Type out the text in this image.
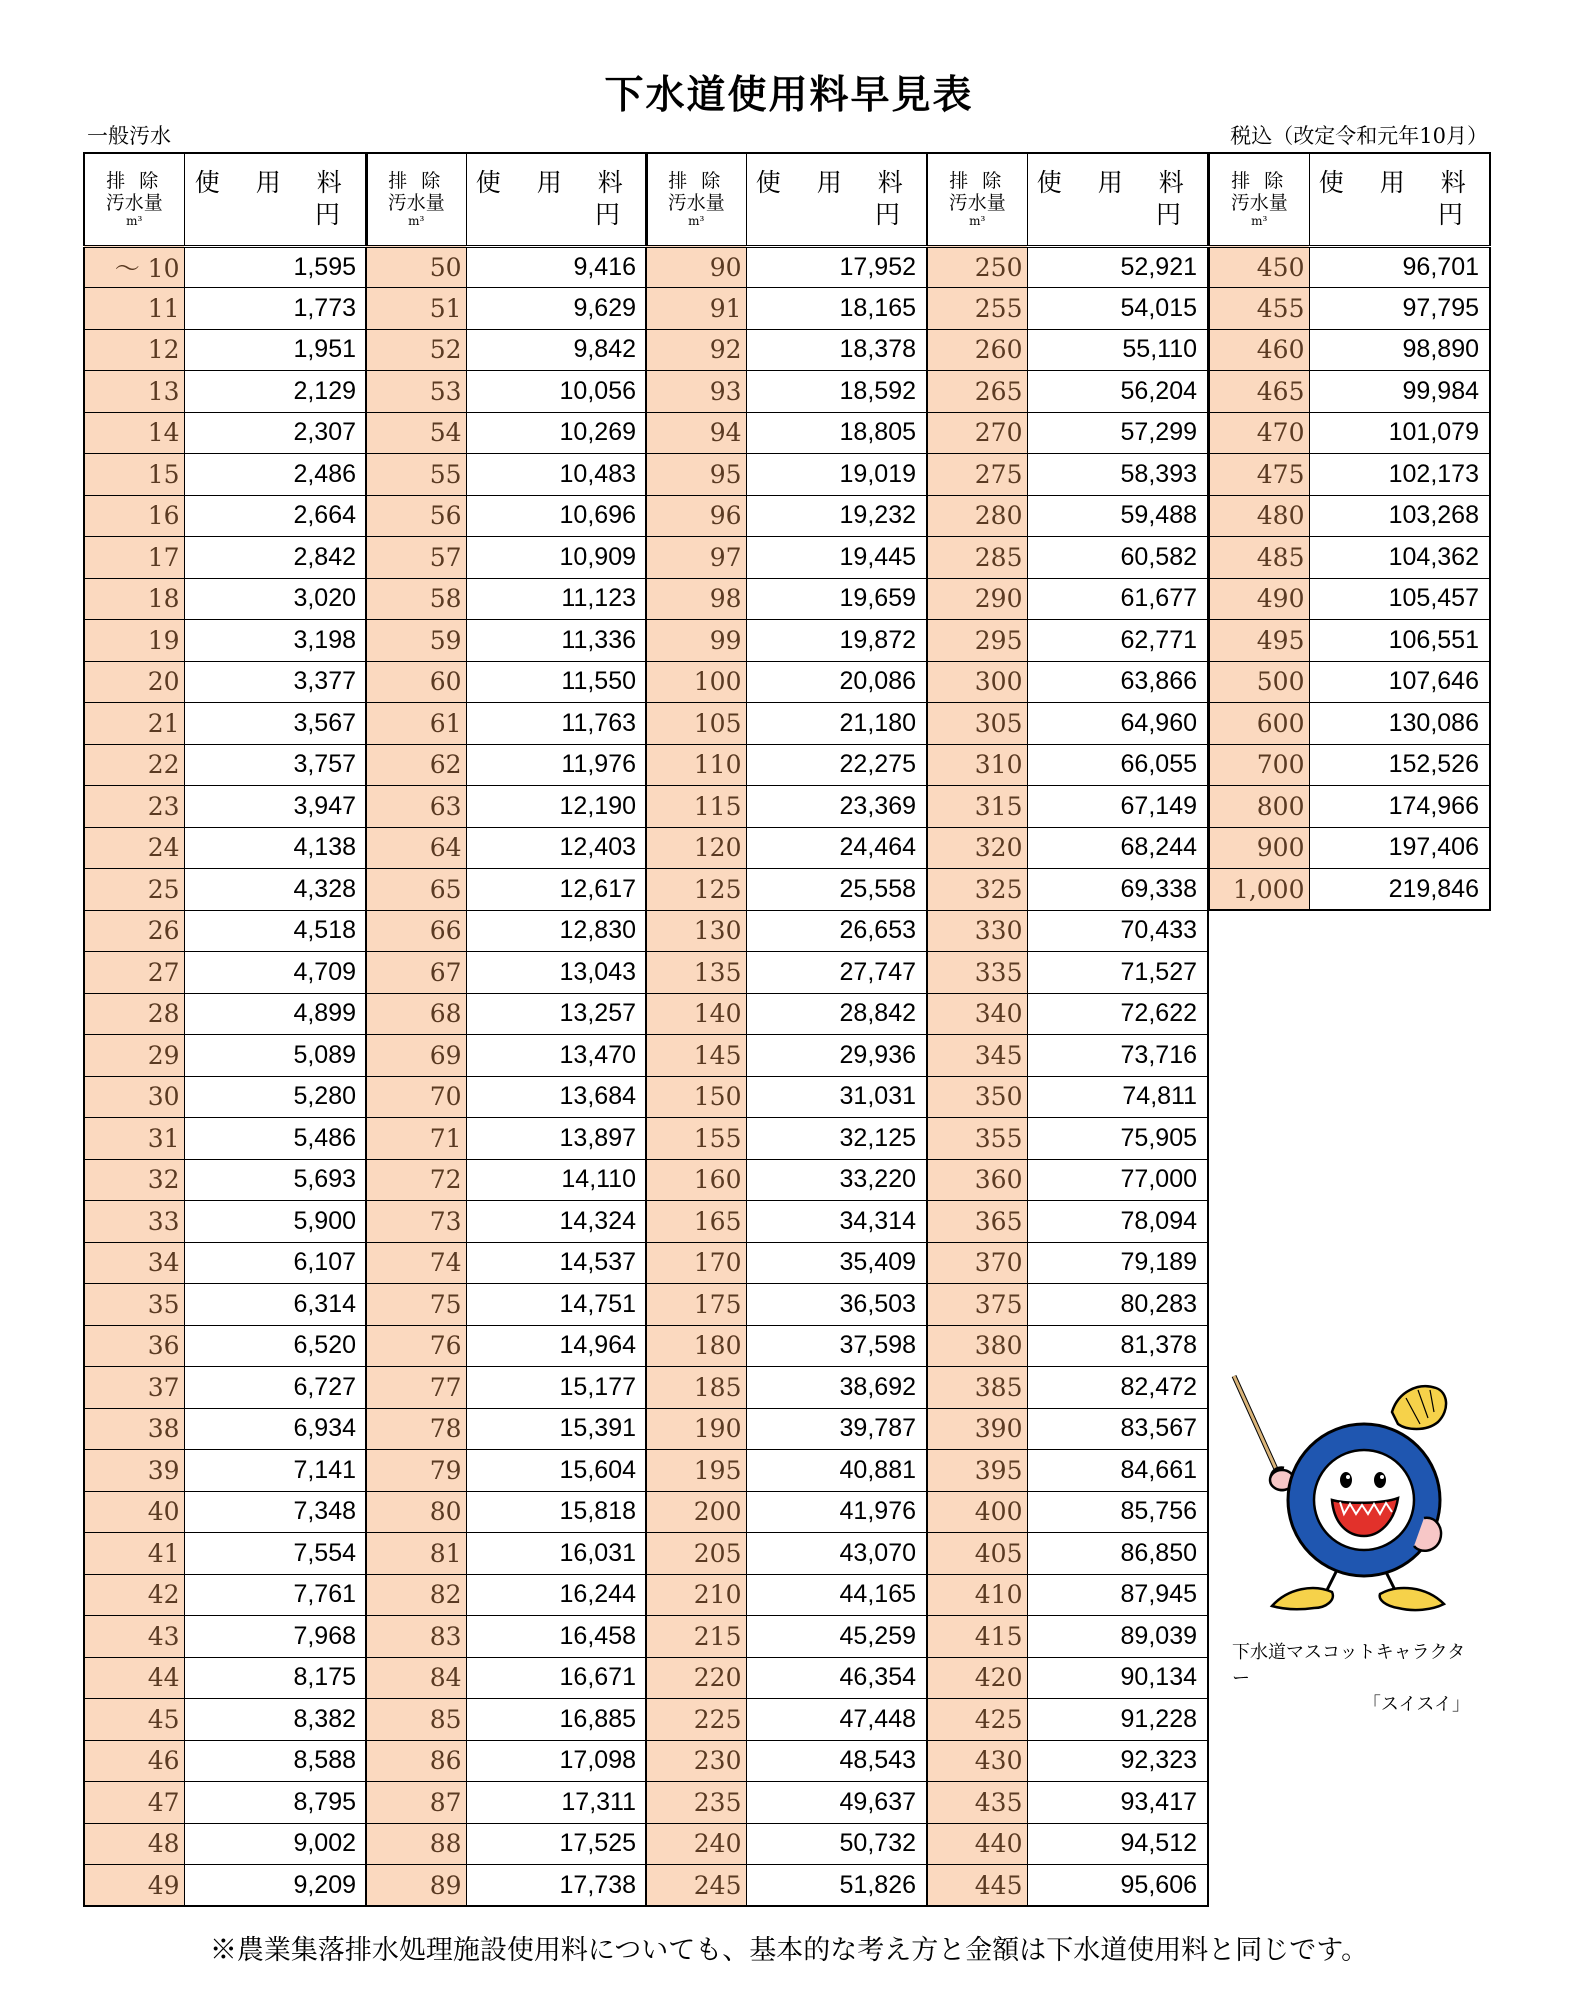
下水道使用料早見表
一般汚水	税込（改定令和元年10月）
排 除
汚水量
m³	使 用 料
円

～ 10	1,595
11	1,773
12	1,951
13	2,129
14	2,307
15	2,486
16	2,664
17	2,842
18	3,020
19	3,198
20	3,377
21	3,567
22	3,757
23	3,947
24	4,138
25	4,328
26	4,518
27	4,709
28	4,899
29	5,089
30	5,280
31	5,486
32	5,693
33	5,900
34	6,107
35	6,314
36	6,520
37	6,727
38	6,934
39	7,141
40	7,348
41	7,554
42	7,761
43	7,968
44	8,175
45	8,382
46	8,588
47	8,795
48	9,002
49	9,209
排 除
汚水量
m³	使 用 料
円

50	9,416
51	9,629
52	9,842
53	10,056
54	10,269
55	10,483
56	10,696
57	10,909
58	11,123
59	11,336
60	11,550
61	11,763
62	11,976
63	12,190
64	12,403
65	12,617
66	12,830
67	13,043
68	13,257
69	13,470
70	13,684
71	13,897
72	14,110
73	14,324
74	14,537
75	14,751
76	14,964
77	15,177
78	15,391
79	15,604
80	15,818
81	16,031
82	16,244
83	16,458
84	16,671
85	16,885
86	17,098
87	17,311
88	17,525
89	17,738
排 除
汚水量
m³	使 用 料
円

90	17,952
91	18,165
92	18,378
93	18,592
94	18,805
95	19,019
96	19,232
97	19,445
98	19,659
99	19,872
100	20,086
105	21,180
110	22,275
115	23,369
120	24,464
125	25,558
130	26,653
135	27,747
140	28,842
145	29,936
150	31,031
155	32,125
160	33,220
165	34,314
170	35,409
175	36,503
180	37,598
185	38,692
190	39,787
195	40,881
200	41,976
205	43,070
210	44,165
215	45,259
220	46,354
225	47,448
230	48,543
235	49,637
240	50,732
245	51,826
排 除
汚水量
m³	使 用 料
円

250	52,921
255	54,015
260	55,110
265	56,204
270	57,299
275	58,393
280	59,488
285	60,582
290	61,677
295	62,771
300	63,866
305	64,960
310	66,055
315	67,149
320	68,244
325	69,338
330	70,433
335	71,527
340	72,622
345	73,716
350	74,811
355	75,905
360	77,000
365	78,094
370	79,189
375	80,283
380	81,378
385	82,472
390	83,567
395	84,661
400	85,756
405	86,850
410	87,945
415	89,039
420	90,134
425	91,228
430	92,323
435	93,417
440	94,512
445	95,606
排 除
汚水量
m³	使 用 料
円

450	96,701
455	97,795
460	98,890
465	99,984
470	101,079
475	102,173
480	103,268
485	104,362
490	105,457
495	106,551
500	107,646
600	130,086
700	152,526
800	174,966
900	197,406
1,000	219,846
下水道マスコットキャラクター
「スイスイ」
※農業集落排水処理施設使用料についても、基本的な考え方と金額は下水道使用料と同じです。
